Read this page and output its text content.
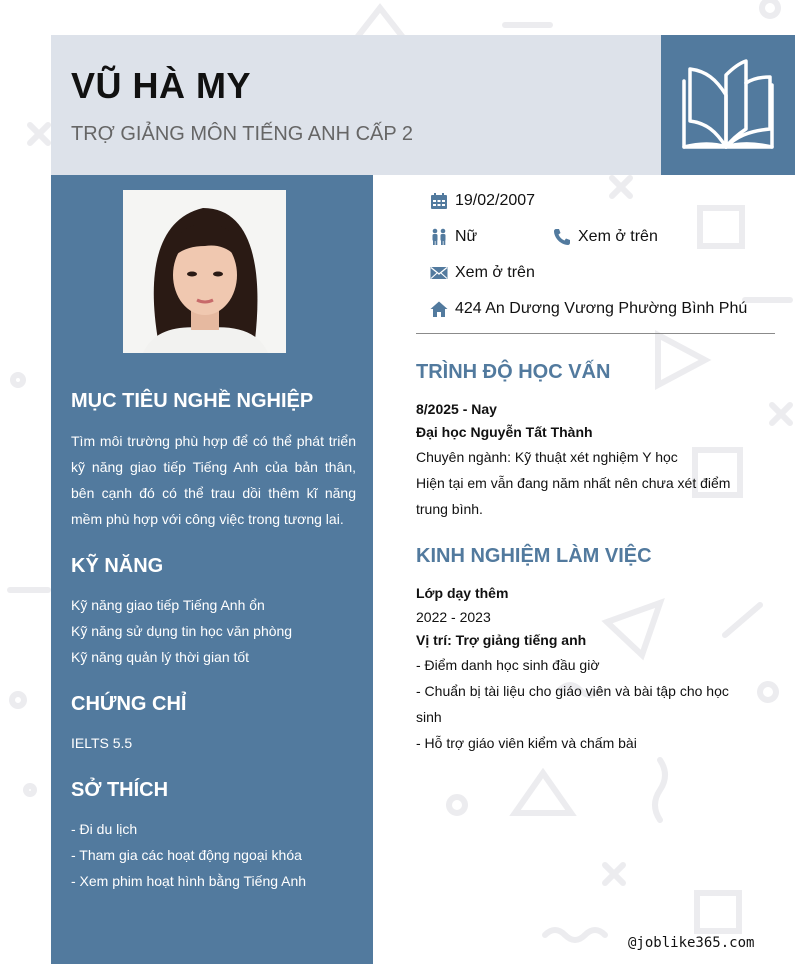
VŨ HÀ MY
TRỢ GIẢNG MÔN TIẾNG ANH CẤP 2
MỤC TIÊU NGHỀ NGHIỆP

Tìm môi trường phù hợp để có thể phát triển kỹ năng giao tiếp Tiếng Anh của bản thân, bên cạnh đó có thể trau dồi thêm kĩ năng mềm phù hợp với công việc trong tương lai.

KỸ NĂNG
Kỹ năng giao tiếp Tiếng Anh ổn
Kỹ năng sử dụng tin học văn phòng
Kỹ năng quản lý thời gian tốt
CHỨNG CHỈ
IELTS 5.5
SỞ THÍCH
- Đi du lịch
- Tham gia các hoạt động ngoại khóa
- Xem phim hoạt hình bằng Tiếng Anh
19/02/2007
Nữ	Xem ở trên
Xem ở trên
424 An Dương Vương Phường Bình Phú
TRÌNH ĐỘ HỌC VẤN
8/2025 - Nay
Đại học Nguyễn Tất Thành
Chuyên ngành: Kỹ thuật xét nghiệm Y học
Hiện tại em vẫn đang năm nhất nên chưa xét điểm trung bình.
KINH NGHIỆM LÀM VIỆC
Lớp dạy thêm
2022 - 2023
Vị trí: Trợ giảng tiếng anh
- Điểm danh học sinh đầu giờ
- Chuẩn bị tài liệu cho giáo viên và bài tập cho học sinh
- Hỗ trợ giáo viên kiểm và chấm bài
@joblike365.com
